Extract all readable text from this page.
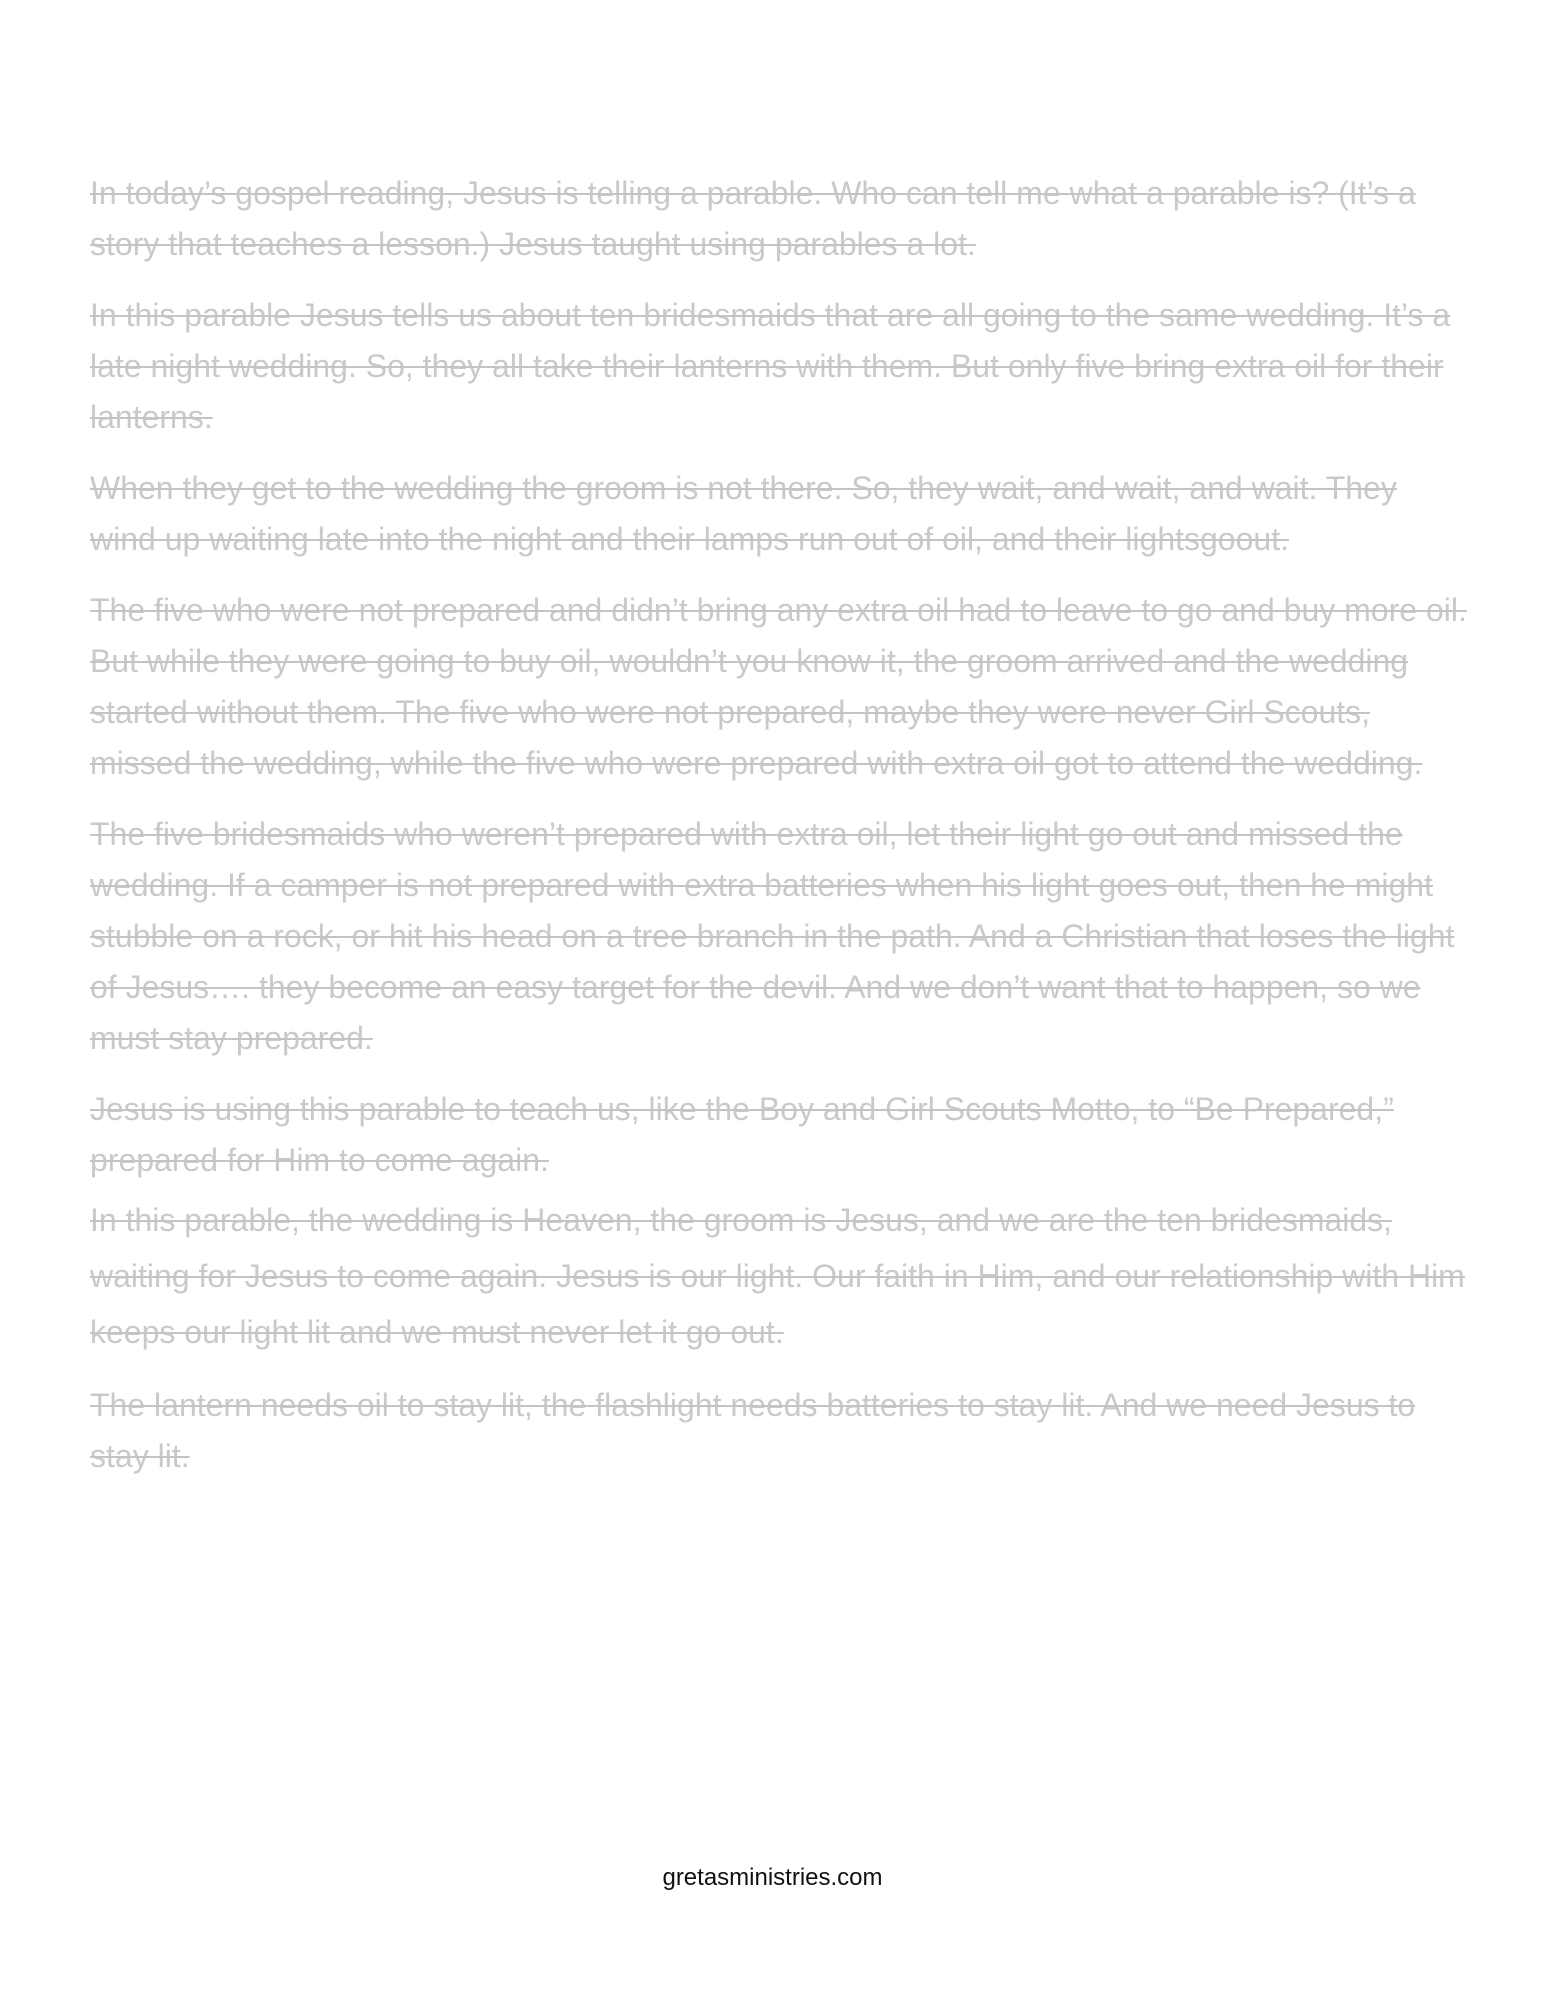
In today’s gospel reading, Jesus is telling a parable. Who can tell me what a parable is? (It’s a story that teaches a lesson.) Jesus taught using parables a lot.

In this parable Jesus tells us about ten bridesmaids that are all going to the same wedding. It’s a late night wedding. So, they all take their lanterns with them. But only five bring extra oil for their lanterns.

When they get to the wedding the groom is not there. So, they wait, and wait, and wait. They wind up waiting late into the night and their lamps run out of oil, and their lightsgoout.

The five who were not prepared and didn’t bring any extra oil had to leave to go and buy more oil. But while they were going to buy oil, wouldn’t you know it, the groom arrived and the wedding started without them. The five who were not prepared, maybe they were never Girl Scouts, missed the wedding, while the five who were prepared with extra oil got to attend the wedding.

The five bridesmaids who weren’t prepared with extra oil, let their light go out and missed the wedding. If a camper is not prepared with extra batteries when his light goes out, then he might stubble on a rock, or hit his head on a tree branch in the path. And a Christian that loses the light of Jesus…. they become an easy target for the devil. And we don’t want that to happen, so we must stay prepared.

Jesus is using this parable to teach us, like the Boy and Girl Scouts Motto, to “Be Prepared,” prepared for Him to come again.

In this parable, the wedding is Heaven, the groom is Jesus, and we are the ten bridesmaids, waiting for Jesus to come again. Jesus is our light. Our faith in Him, and our relationship with Him keeps our light lit and we must never let it go out.

The lantern needs oil to stay lit, the flashlight needs batteries to stay lit. And we need Jesus to stay lit.

gretasministries.com
